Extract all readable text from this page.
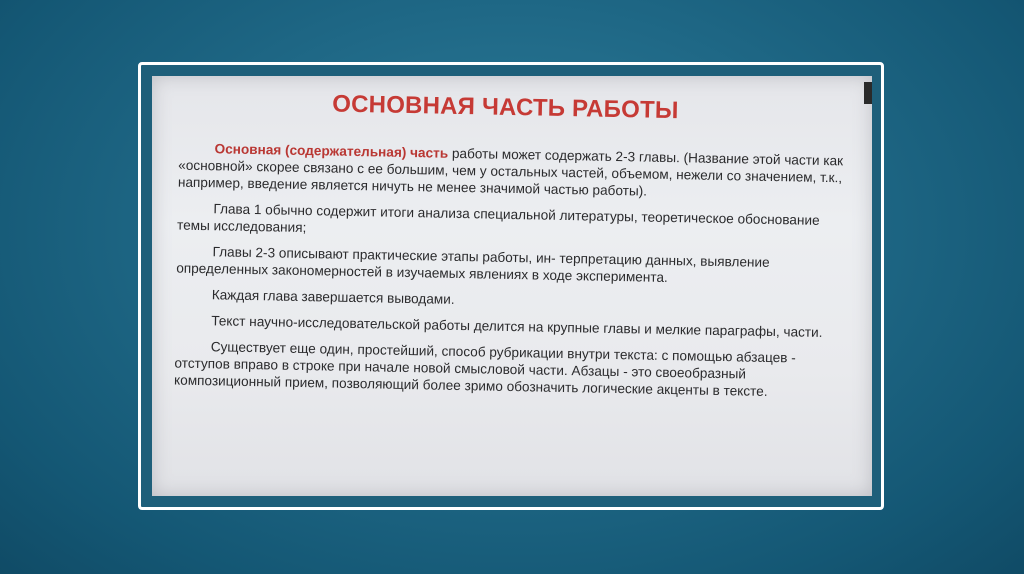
ОСНОВНАЯ ЧАСТЬ РАБОТЫ

Основная (содержательная) часть работы может содержать 2-3 главы. (Название этой части как «основной» скорее связано с ее большим, чем у остальных частей, объемом, нежели со значением, т.к., например, введение является ничуть не менее значимой частью работы).

Глава 1 обычно содержит итоги анализа специальной литературы, теоретическое обоснование темы исследования;

Главы 2-3 описывают практические этапы работы, ин- терпретацию данных, выявление определенных закономерностей в изучаемых явлениях в ходе эксперимента.

Каждая глава завершается выводами.

Текст научно-исследовательской работы делится на крупные главы и мелкие параграфы, части.

Существует еще один, простейший, способ рубрикации внутри текста: с помощью абзацев - отступов вправо в строке при начале новой смысловой части. Абзацы - это своеобразный композиционный прием, позволяющий более зримо обозначить логические акценты в тексте.
